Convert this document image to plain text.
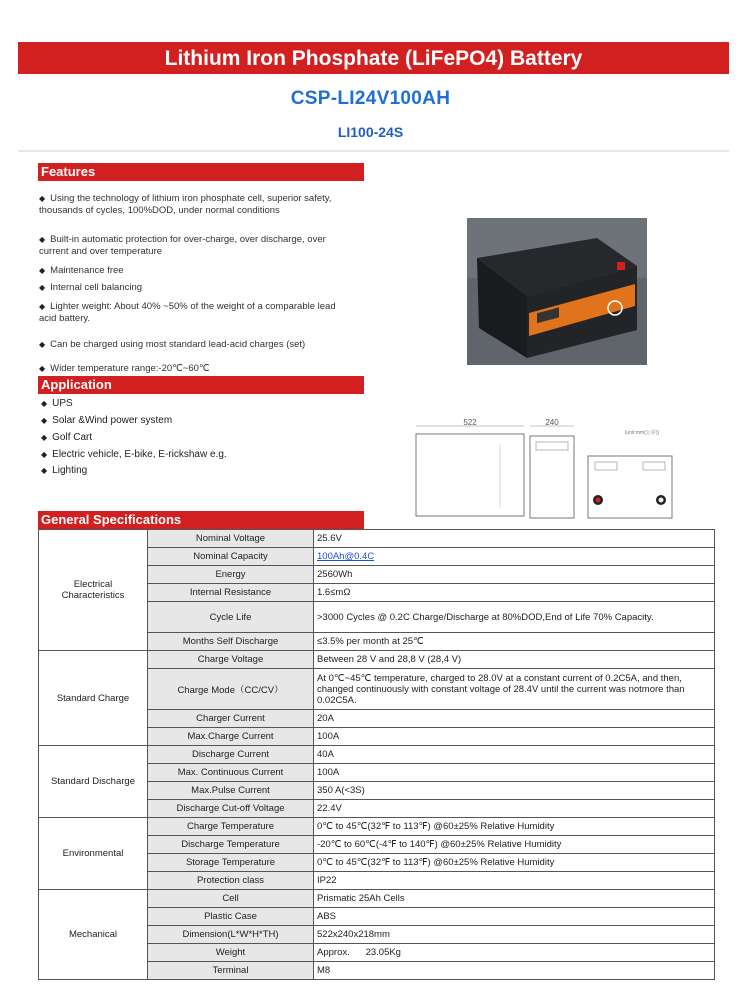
Lithium Iron Phosphate (LiFePO4) Battery
CSP-LI24V100AH
LI100-24S
Features
◆ Using the technology of lithium iron phosphate cell, superior safety, thousands of cycles, 100%DOD, under normal conditions
◆ Built-in automatic protection for over-charge, over discharge, over current and over temperature
◆ Maintenance free
◆ Internal cell balancing
◆ Lighter weight: About 40% ~50% of the weight of a comparable lead acid battery.
◆ Can be charged using most standard lead-acid charges (set)
◆ Wider temperature range:-20℃~60℃
Application
◆ UPS
◆ Solar &Wind power system
◆ Golf Cart
◆ Electric vehicle, E-bike, E-rickshaw e.g.
◆ Lighting
522	240
(unit:mm(公差))
General Specifications
Electrical Characteristics	Nominal Voltage	25.6V
	Nominal Capacity	100Ah@0.4C
	Energy	2560Wh
	Internal Resistance	1.6≤mΩ
	Cycle Life	>3000 Cycles @ 0.2C Charge/Discharge at 80%DOD,End of Life 70% Capacity.
	Months Self Discharge	≤3.5% per month at 25℃
Standard Charge	Charge Voltage	Between 28 V and 28,8 V (28,4 V)
	Charge Mode（CC/CV）	At 0℃~45℃ temperature, charged to 28.0V at a constant current of 0.2C5A, and then, changed continuously with constant voltage of 28.4V until the current was notmore than 0.02C5A.
	Charger Current	20A
	Max.Charge Current	100A
Standard Discharge	Discharge Current	40A
	Max. Continuous Current	100A
	Max.Pulse Current	350 A(<3S)
	Discharge Cut-off Voltage	22.4V
Environmental	Charge Temperature	0℃ to 45℃(32℉ to 113℉) @60±25% Relative Humidity
	Discharge Temperature	-20℃ to 60℃(-4℉ to 140℉) @60±25% Relative Humidity
	Storage Temperature	0℃ to 45℃(32℉ to 113℉) @60±25% Relative Humidity
	Protection class	IP22
Mechanical	Cell	Prismatic 25Ah Cells
	Plastic Case	ABS
	Dimension(L*W*H*TH)	522x240x218mm
	Weight	Approx.      23.05Kg
	Terminal	M8
